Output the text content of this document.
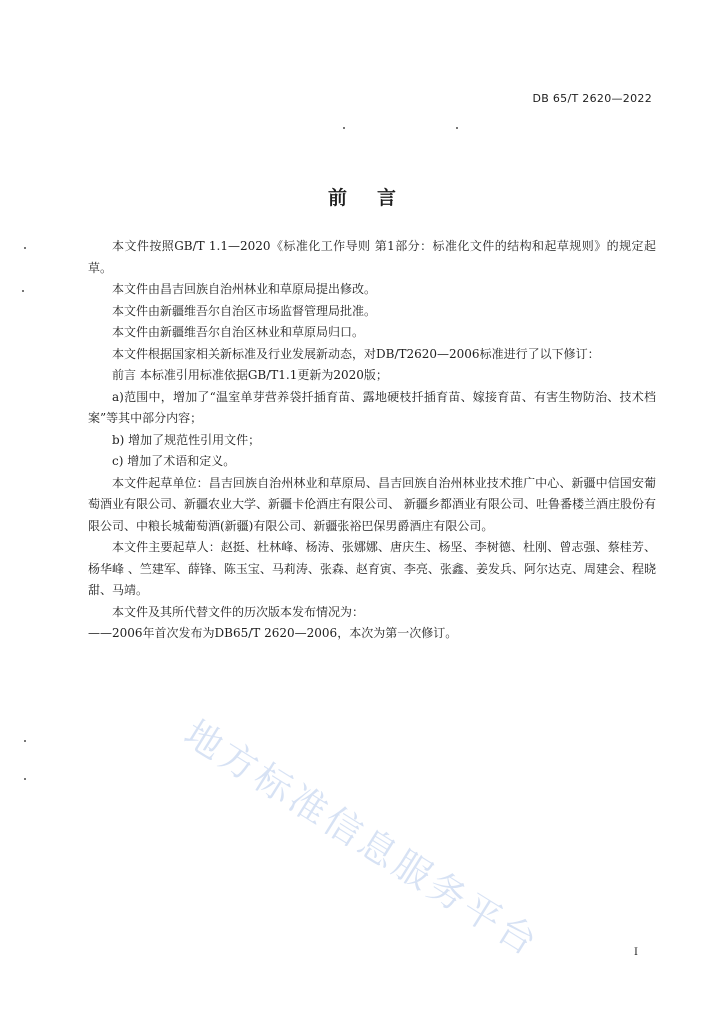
DB 65/T 2620—2022
前言

本文件按照GB/T 1.1—2020《标准化工作导则 第1部分：标准化文件的结构和起草规则》的规定起草。

本文件由昌吉回族自治州林业和草原局提出修改。

本文件由新疆维吾尔自治区市场监督管理局批准。

本文件由新疆维吾尔自治区林业和草原局归口。

本文件根据国家相关新标准及行业发展新动态，对DB/T2620—2006标准进行了以下修订：

前言 本标准引用标准依据GB/T1.1更新为2020版；

a)范围中，增加了“温室单芽营养袋扦插育苗、露地硬枝扦插育苗、嫁接育苗、有害生物防治、技术档案”等其中部分内容；

b) 增加了规范性引用文件；

c) 增加了术语和定义。

本文件起草单位：昌吉回族自治州林业和草原局、昌吉回族自治州林业技术推广中心、新疆中信国安葡萄酒业有限公司、新疆农业大学、新疆卡伦酒庄有限公司、 新疆乡都酒业有限公司、吐鲁番楼兰酒庄股份有限公司、中粮长城葡萄酒(新疆)有限公司、新疆张裕巴保男爵酒庄有限公司。

本文件主要起草人：赵挺、杜林峰、杨涛、张娜娜、唐庆生、杨坚、李树德、杜刚、曾志强、蔡桂芳、杨华峰 、竺建军、薛锋、陈玉宝、马莉涛、张森、赵育寅、李亮、张鑫、姜发兵、阿尔达克、周建会、程晓甜、马靖。

本文件及其所代替文件的历次版本发布情况为：

——2006年首次发布为DB65/T 2620—2006，本次为第一次修订。

地方标准信息服务平台	I
